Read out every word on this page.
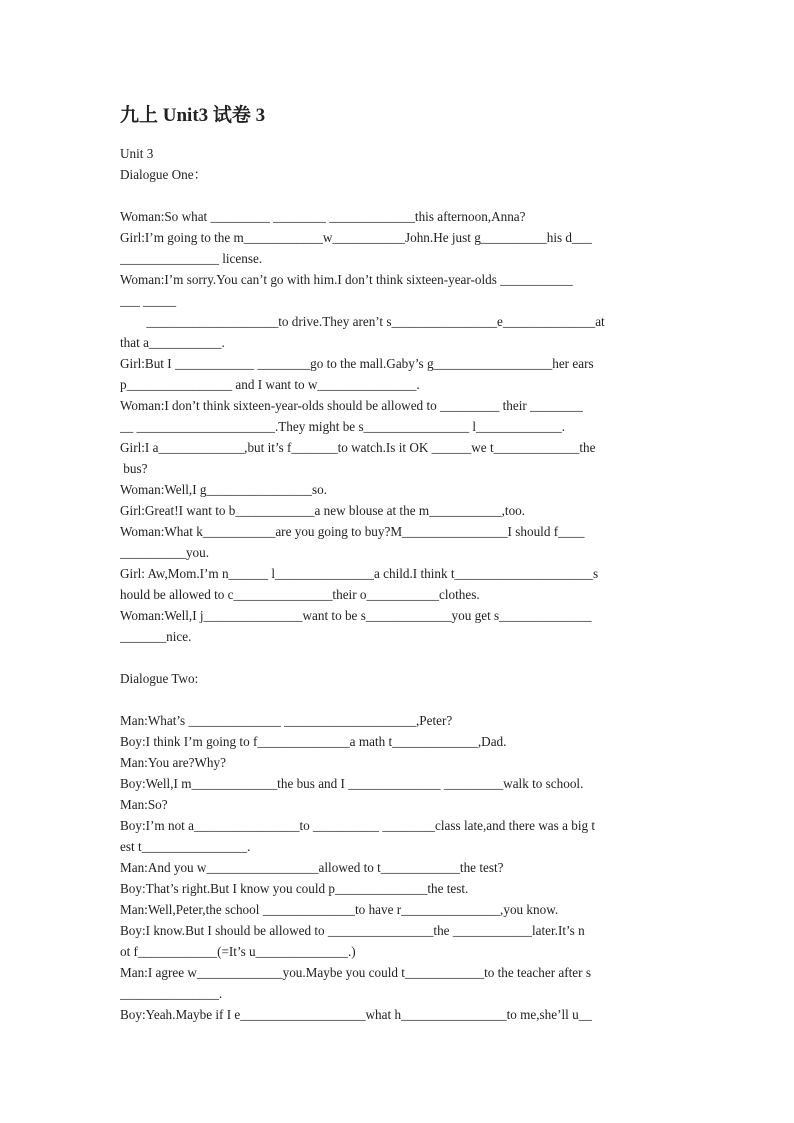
九上 Unit3 试卷 3
Unit 3
Dialogue One：
Woman:So what _________ ________ _____________this afternoon,Anna?
Girl:I’m going to the m____________w___________John.He just g__________his d___
_______________ license.
Woman:I’m sorry.You can’t go with him.I don’t think sixteen-year-olds ___________
___ _____
____________________to drive.They aren’t s________________e______________at
that a___________.
Girl:But I ____________ ________go to the mall.Gaby’s g__________________her ears
p________________ and I want to w_______________.
Woman:I don’t think sixteen-year-olds should be allowed to _________ their ________
__ _____________________.They might be s________________ l_____________.
Girl:I a_____________,but it’s f_______to watch.Is it OK ______we t_____________the
bus?
Woman:Well,I g________________so.
Girl:Great!I want to b____________a new blouse at the m___________,too.
Woman:What k___________are you going to buy?M________________I should f____
__________you.
Girl: Aw,Mom.I’m n______ l_______________a child.I think t_____________________s
hould be allowed to c_______________their o___________clothes.
Woman:Well,I j_______________want to be s_____________you get s______________
_______nice.
Dialogue Two:
Man:What’s ______________ ____________________,Peter?
Boy:I think I’m going to f______________a math t_____________,Dad.
Man:You are?Why?
Boy:Well,I m_____________the bus and I ______________ _________walk to school.
Man:So?
Boy:I’m not a________________to __________ ________class late,and there was a big t
est t________________.
Man:And you w_________________allowed to t____________the test?
Boy:That’s right.But I know you could p______________the test.
Man:Well,Peter,the school ______________to have r_______________,you know.
Boy:I know.But I should be allowed to ________________the ____________later.It’s n
ot f____________(=It’s u______________.)
Man:I agree w_____________you.Maybe you could t____________to the teacher after s
_______________.
Boy:Yeah.Maybe if I e___________________what h________________to me,she’ll u__
